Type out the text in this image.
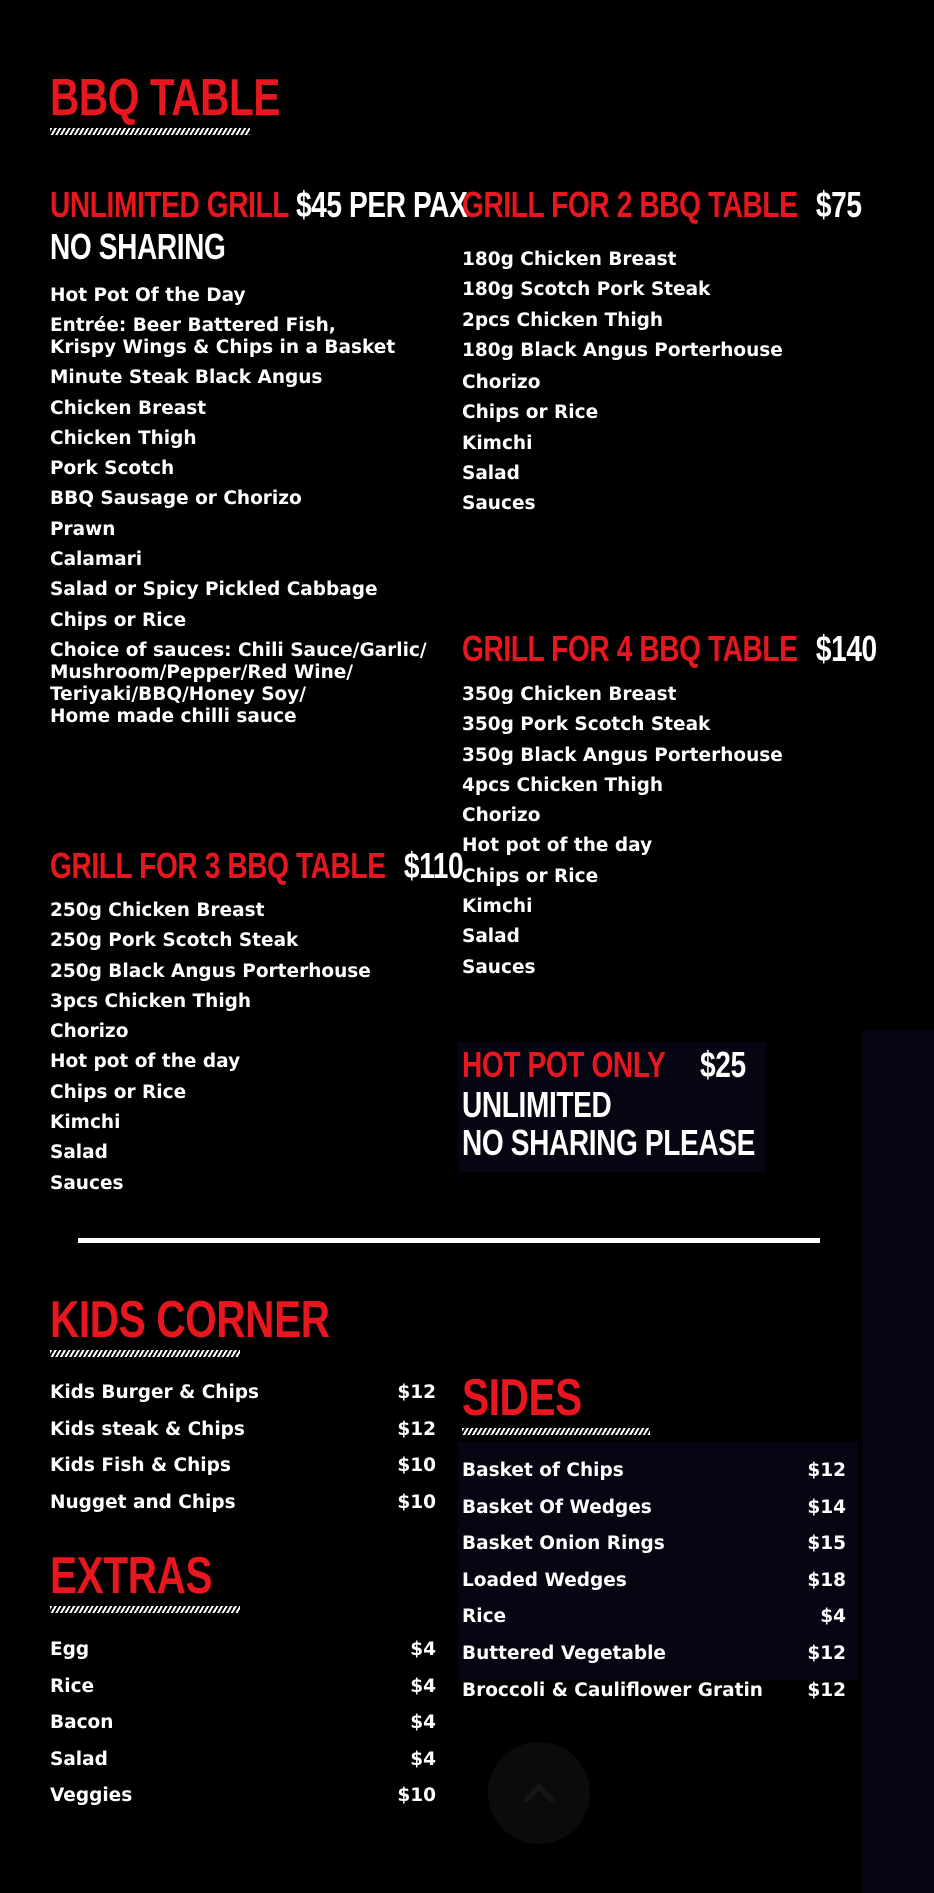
BBQ TABLE
UNLIMITED GRILL $45 PER PAX
NO SHARING
Hot Pot Of the Day
Entrée: Beer Battered Fish,
Krispy Wings & Chips in a Basket
Minute Steak Black Angus
Chicken Breast
Chicken Thigh
Pork Scotch
BBQ Sausage or Chorizo
Prawn
Calamari
Salad or Spicy Pickled Cabbage
Chips or Rice
Choice of sauces: Chili Sauce/Garlic/
Mushroom/Pepper/Red Wine/
Teriyaki/BBQ/Honey Soy/
Home made chilli sauce
GRILL FOR 2 BBQ TABLE $75
180g Chicken Breast
180g Scotch Pork Steak
2pcs Chicken Thigh
180g Black Angus Porterhouse
Chorizo
Chips or Rice
Kimchi
Salad
Sauces
GRILL FOR 4 BBQ TABLE $140
350g Chicken Breast
350g Pork Scotch Steak
350g Black Angus Porterhouse
4pcs Chicken Thigh
Chorizo
Hot pot of the day
Chips or Rice
Kimchi
Salad
Sauces
GRILL FOR 3 BBQ TABLE $110
250g Chicken Breast
250g Pork Scotch Steak
250g Black Angus Porterhouse
3pcs Chicken Thigh
Chorizo
Hot pot of the day
Chips or Rice
Kimchi
Salad
Sauces
HOT POT ONLY $25
UNLIMITED
NO SHARING PLEASE
KIDS CORNER
Kids Burger & Chips	$12
Kids steak & Chips	$12
Kids Fish & Chips	$10
Nugget and Chips	$10
EXTRAS
Egg	$4
Rice	$4
Bacon	$4
Salad	$4
Veggies	$10
SIDES
Basket of Chips	$12
Basket Of Wedges	$14
Basket Onion Rings	$15
Loaded Wedges	$18
Rice	$4
Buttered Vegetable	$12
Broccoli & Cauliflower Gratin $12
